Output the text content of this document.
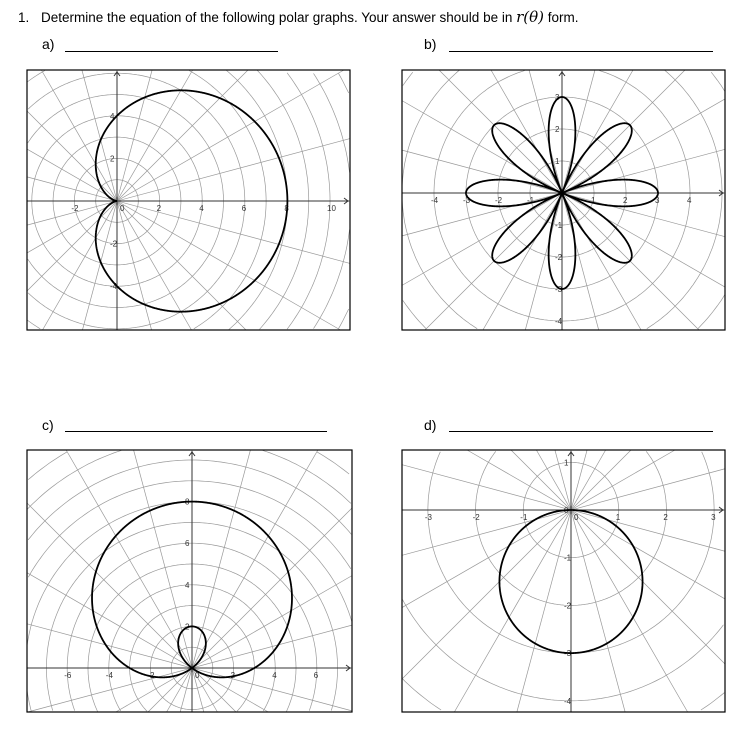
1. Determine the equation of the following polar graphs. Your answer should be in r(θ) form.
a)	b)
c)	d)
-2	0	2	4	6	8	10
4
2
-2
-4
-4	-3	-2	-1	1	2	3	4
3
2
1
-1
-2
-3
-4
-6	-4	-2	0	2	4	6
2
4
6
8
-3	-2	-1	0	1	2	3
1
0
-1
-2
-3
-4
